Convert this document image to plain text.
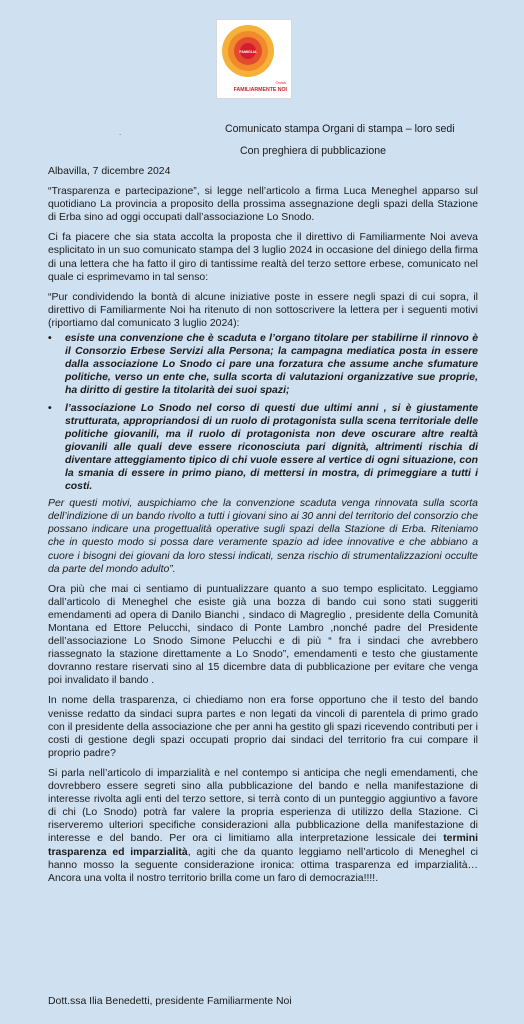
FAMIGLIA
Onlus
FAMILIARMENTE NOI
.	Comunicato stampa Organi di stampa – loro sedi
Con preghiera di pubblicazione

Albavilla, 7 dicembre 2024

“Trasparenza e partecipazione”, si legge nell’articolo a firma Luca Meneghel apparso sul quotidiano La provincia a proposito della prossima assegnazione degli spazi della Stazione di Erba sino ad oggi occupati dall’associazione Lo Snodo.

Ci fa piacere che sia stata accolta la proposta che il direttivo di Familiarmente Noi aveva esplicitato in un suo comunicato stampa del 3 luglio 2024 in occasione del diniego della firma di una lettera che ha fatto il giro di tantissime realtà del terzo settore erbese, comunicato nel quale ci esprimevamo in tal senso:

“Pur condividendo la bontà di alcune iniziative poste in essere negli spazi di cui sopra, il direttivo di Familiarmente Noi ha ritenuto di non sottoscrivere la lettera per i seguenti motivi (riportiamo dal comunicato 3 luglio 2024):

• esiste una convenzione che è scaduta e l’organo titolare per stabilirne il rinnovo è il Consorzio Erbese Servizi alla Persona; la campagna mediatica posta in essere dalla associazione Lo Snodo ci pare una forzatura che assume anche sfumature politiche, verso un ente che, sulla scorta di valutazioni organizzative sue proprie, ha diritto di gestire la titolarità dei suoi spazi;
• l’associazione Lo Snodo nel corso di questi due ultimi anni , si è giustamente strutturata, appropriandosi di un ruolo di protagonista sulla scena territoriale delle politiche giovanili, ma il ruolo di protagonista non deve oscurare altre realtà giovanili alle quali deve essere riconosciuta pari dignità, altrimenti rischia di diventare atteggiamento tipico di chi vuole essere al vertice di ogni situazione, con la smania di essere in primo piano, di mettersi in mostra, di primeggiare a tutti i costi.

Per questi motivi, auspichiamo che la convenzione scaduta venga rinnovata sulla scorta dell’indizione di un bando rivolto a tutti i giovani sino ai 30 anni del territorio del consorzio che possano indicare una progettualità operative sugli spazi della Stazione di Erba. Riteniamo che in questo modo si possa dare veramente spazio ad idee innovative e che abbiano a cuore i bisogni dei giovani da loro stessi indicati, senza rischio di strumentalizzazioni occulte da parte del mondo adulto”.

Ora più che mai ci sentiamo di puntualizzare quanto a suo tempo esplicitato. Leggiamo dall’articolo di Meneghel che esiste già una bozza di bando cui sono stati suggeriti emendamenti ad opera di Danilo Bianchi , sindaco di Magreglio , presidente della Comunità Montana ed Ettore Pelucchi, sindaco di Ponte Lambro ,nonché padre del Presidente dell’associazione Lo Snodo Simone Pelucchi e di più “ fra i sindaci che avrebbero riassegnato la stazione direttamente a Lo Snodo”, emendamenti e testo che giustamente dovranno restare riservati sino al 15 dicembre data di pubblicazione per evitare che venga poi invalidato il bando .

In nome della trasparenza, ci chiediamo non era forse opportuno che il testo del bando venisse redatto da sindaci supra partes e non legati da vincoli di parentela di primo grado con il presidente della associazione che per anni ha gestito gli spazi ricevendo contributi per i costi di gestione degli spazi occupati proprio dai sindaci del territorio fra cui compare il proprio padre?

Si parla nell’articolo di imparzialità e nel contempo si anticipa che negli emendamenti, che dovrebbero essere segreti sino alla pubblicazione del bando e nella manifestazione di interesse rivolta agli enti del terzo settore, si terrà conto di un punteggio aggiuntivo a favore di chi (Lo Snodo) potrà far valere la propria esperienza di utilizzo della Stazione. Ci riserveremo ulteriori specifiche considerazioni alla pubblicazione della manifestazione di interesse e del bando. Per ora ci limitiamo alla interpretazione lessicale dei termini trasparenza ed imparzialità, agiti che da quanto leggiamo nell’articolo di Meneghel ci hanno mosso la seguente considerazione ironica: ottima trasparenza ed imparzialità…Ancora una volta il nostro territorio brilla come un faro di democrazia!!!!.

Dott.ssa Ilia Benedetti, presidente Familiarmente Noi
